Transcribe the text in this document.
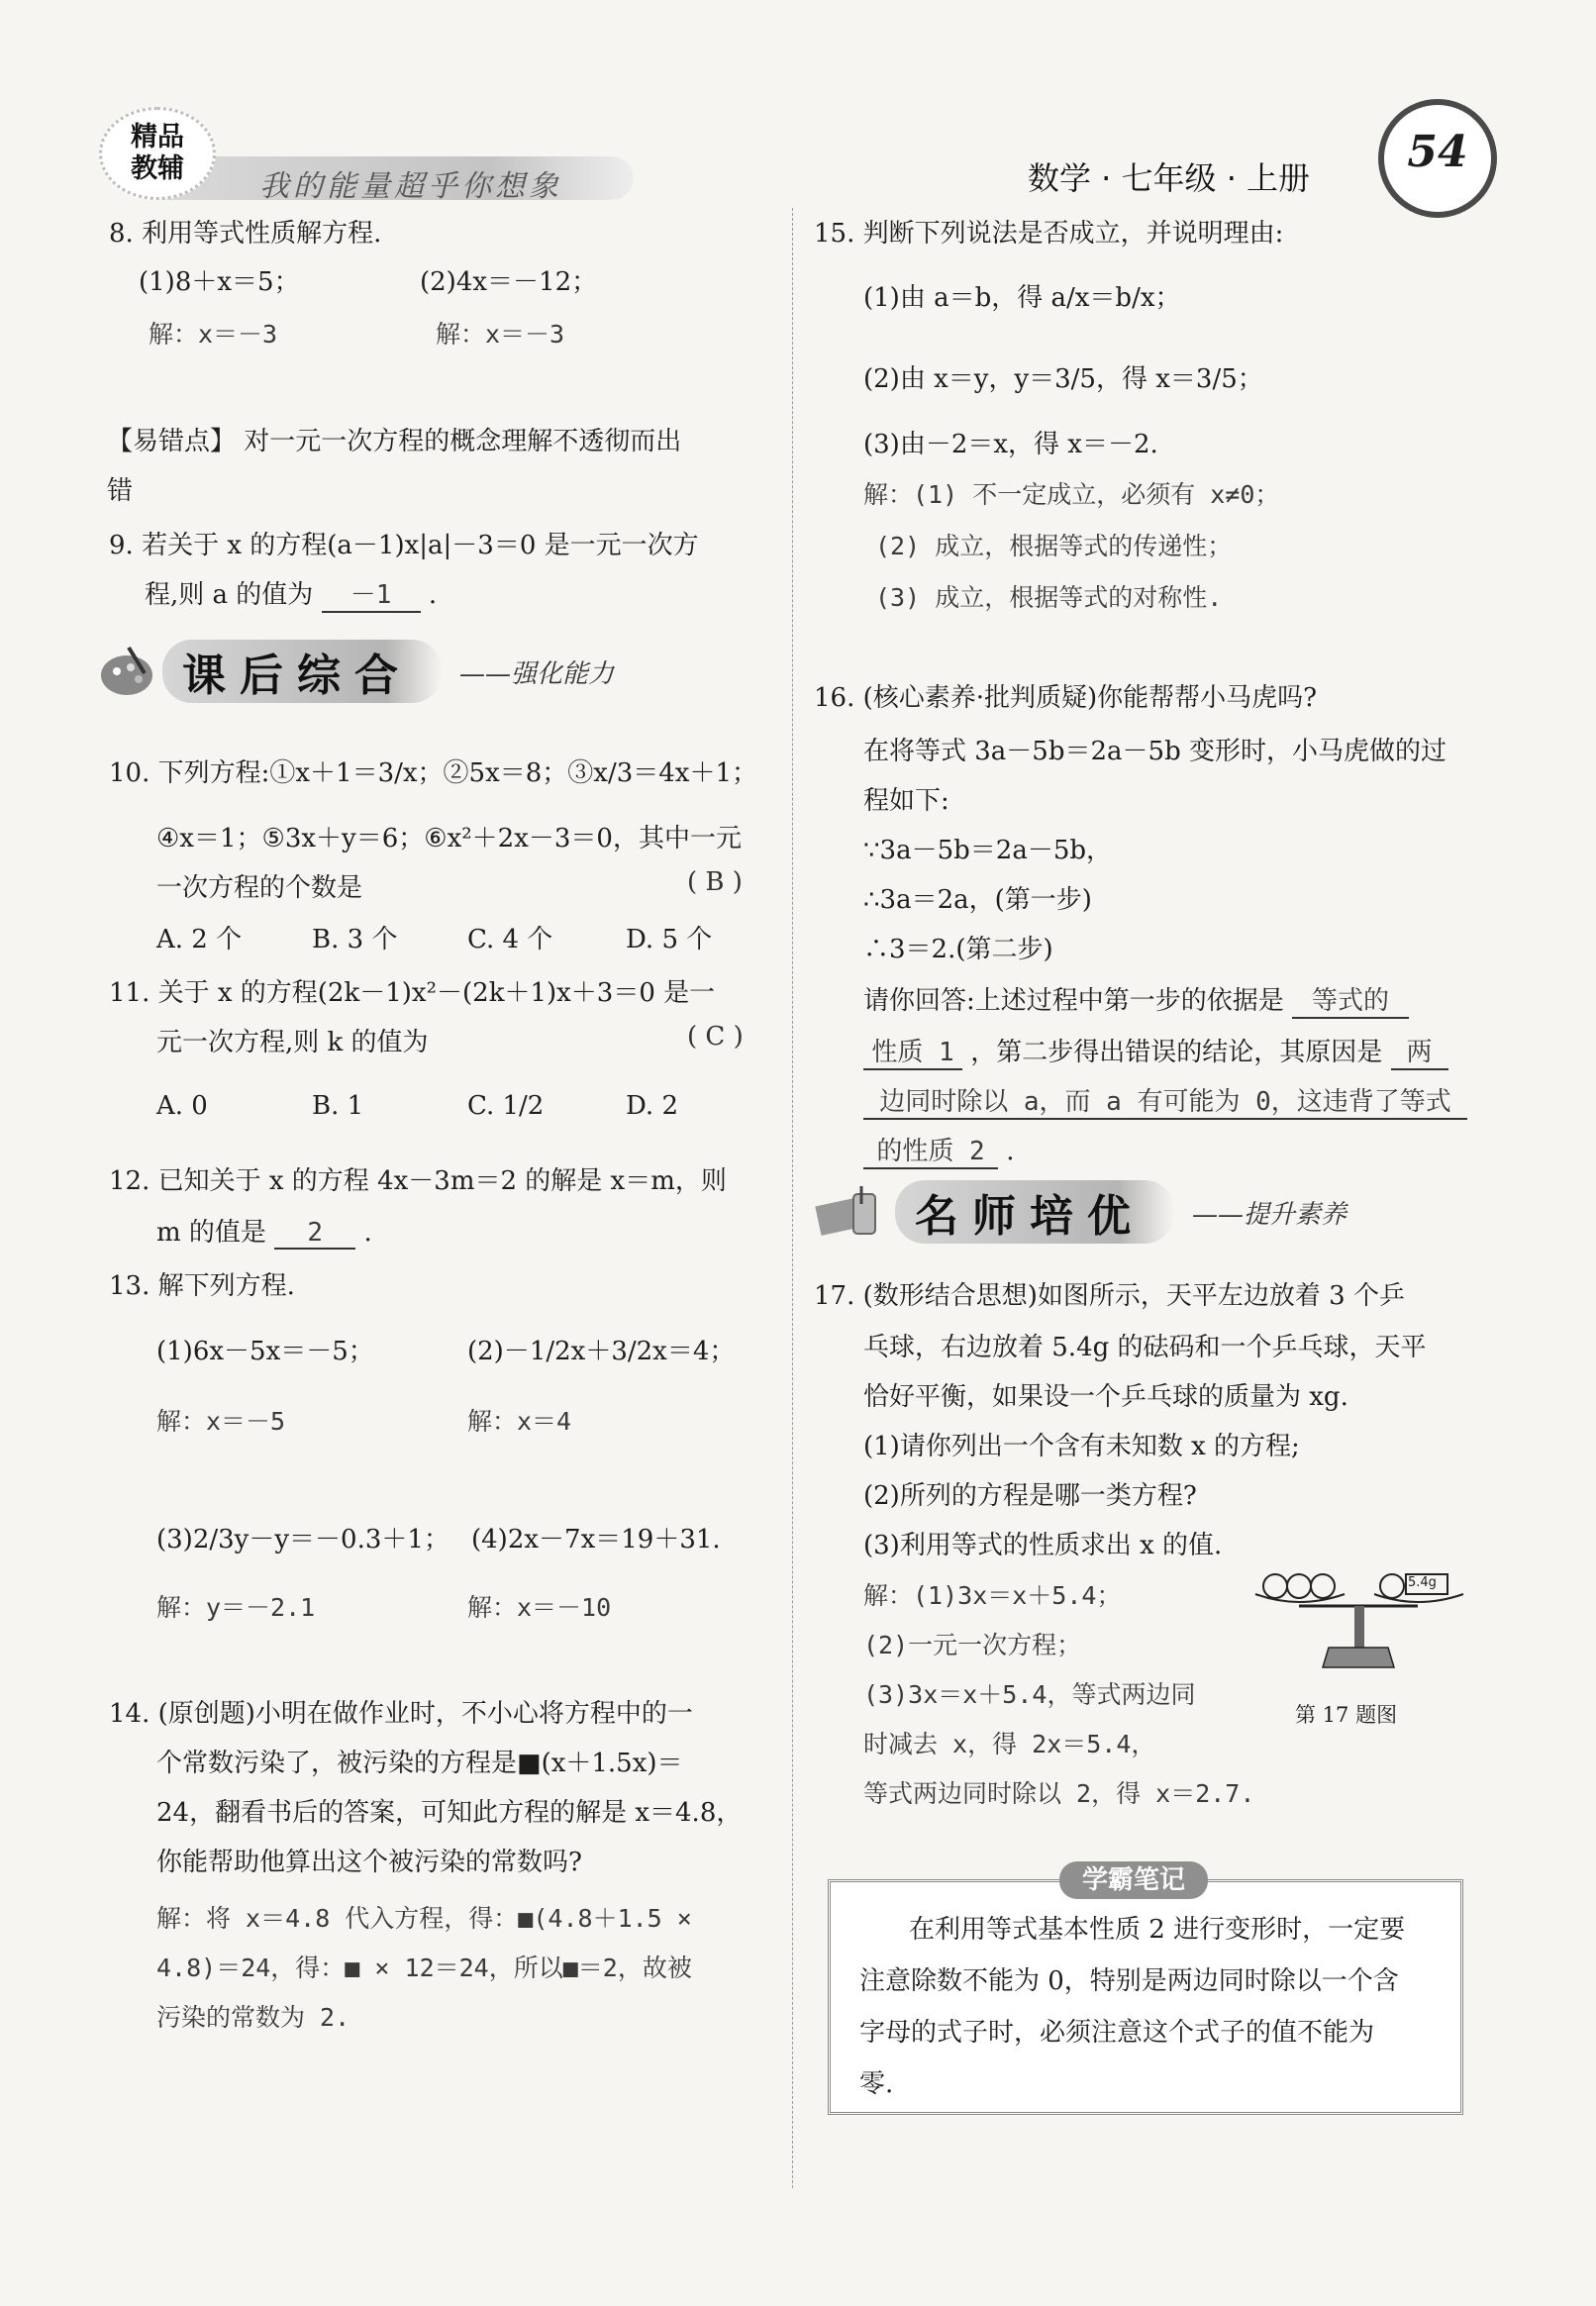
精品
教辅
我的能量超乎你想象	数学 · 七年级 · 上册
54
8. 利用等式性质解方程.
(1)8＋x＝5；	(2)4x＝－12；
解：x＝－3	解：x＝－3
【易错点】 对一元一次方程的概念理解不透彻而出
错
9. 若关于 x 的方程(a－1)x|a|－3＝0 是一元一次方
程,则 a 的值为 －1 .
课后综合	——强化能力
10. 下列方程:①x＋1＝3/x；②5x＝8；③x/3＝4x＋1；
④x＝1；⑤3x＋y＝6；⑥x²＋2x－3＝0，其中一元
一次方程的个数是	( B )
A. 2 个	B. 3 个	C. 4 个	D. 5 个
11. 关于 x 的方程(2k－1)x²－(2k＋1)x＋3＝0 是一
元一次方程,则 k 的值为	( C )
A. 0	B. 1	C. 1/2	D. 2
12. 已知关于 x 的方程 4x－3m＝2 的解是 x＝m，则
m 的值是 2 .
13. 解下列方程.
(1)6x－5x＝－5；	(2)－1/2x＋3/2x＝4；
解：x＝－5	解：x＝4
(3)2/3y－y＝－0.3＋1； (4)2x－7x＝19＋31.
解：y＝－2.1	解：x＝－10
14. (原创题)小明在做作业时，不小心将方程中的一
个常数污染了，被污染的方程是■(x＋1.5x)＝
24，翻看书后的答案，可知此方程的解是 x＝4.8，
你能帮助他算出这个被污染的常数吗?
解：将 x＝4.8 代入方程，得：■(4.8＋1.5 ×
4.8)＝24，得：■ × 12＝24，所以■＝2，故被
污染的常数为 2.
15. 判断下列说法是否成立，并说明理由:
(1)由 a＝b，得 a/x＝b/x；
(2)由 x＝y，y＝3/5，得 x＝3/5；
(3)由－2＝x，得 x＝－2.
解：(1) 不一定成立，必须有 x≠0；
(2) 成立，根据等式的传递性；
(3) 成立，根据等式的对称性.
16. (核心素养·批判质疑)你能帮帮小马虎吗?
在将等式 3a－5b＝2a－5b 变形时，小马虎做的过
程如下:
∵3a－5b＝2a－5b，
∴3a＝2a，(第一步)
∴3＝2.(第二步)
请你回答:上述过程中第一步的依据是 等式的
性质 1 ，第二步得出错误的结论，其原因是 两
边同时除以 a，而 a 有可能为 0，这违背了等式
的性质 2 .
名师培优	——提升素养
17. (数形结合思想)如图所示，天平左边放着 3 个乒
乓球，右边放着 5.4g 的砝码和一个乒乓球，天平
恰好平衡，如果设一个乒乓球的质量为 xg.
(1)请你列出一个含有未知数 x 的方程;
(2)所列的方程是哪一类方程?
(3)利用等式的性质求出 x 的值.
解：(1)3x＝x＋5.4；
(2)一元一次方程；
(3)3x＝x＋5.4，等式两边同
时减去 x，得 2x＝5.4，
等式两边同时除以 2，得 x＝2.7.
5.4g
第 17 题图
学霸笔记
在利用等式基本性质 2 进行变形时，一定要
注意除数不能为 0，特别是两边同时除以一个含
字母的式子时，必须注意这个式子的值不能为
零.
